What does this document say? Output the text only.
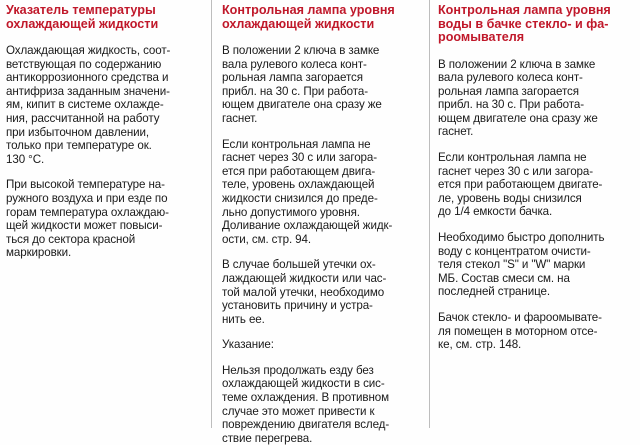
Указатель температуры
охлаждающей жидкости
Охлаждающая жидкость, соот-
ветствующая по содержанию
антикоррозионного средства и
антифриза заданным значени-
ям, кипит в системе охлажде-
ния, рассчитанной на работу
при избыточном давлении,
только при температуре ок.
130 °С.
При высокой температуре на-
ружного воздуха и при езде по
горам температура охлаждаю-
щей жидкости может повыси-
ться до сектора красной
маркировки.
Контрольная лампа уровня
охлаждающей жидкости
В положении 2 ключа в замке
вала рулевого колеса конт-
рольная лампа загорается
прибл. на 30 с. При работа-
ющем двигателе она сразу же
гаснет.
Если контрольная лампа не
гаснет через 30 с или загора-
ется при работающем двига-
теле, уровень охлаждающей
жидкости снизился до преде-
льно допустимого уровня.
Доливание охлаждающей жидк-
ости, см. стр. 94.
В случае большей утечки ох-
лаждающей жидкости или час-
той малой утечки, необходимо
установить причину и устра-
нить ее.
Указание:
Нельзя продолжать езду без
охлаждающей жидкости в сис-
теме охлаждения. В противном
случае это может привести к
повреждению двигателя вслед-
ствие перегрева.
Контрольная лампа уровня
воды в бачке стекло- и фа-
роомывателя
В положении 2 ключа в замке
вала рулевого колеса конт-
рольная лампа загорается
прибл. на 30 с. При работа-
ющем двигателе она сразу же
гаснет.
Если контрольная лампа не
гаснет через 30 с или загора-
ется при работающем двигате-
ле, уровень воды снизился
до 1/4 емкости бачка.
Необходимо быстро дополнить
воду с концентратом очисти-
теля стекол "S" и "W" марки
МБ. Состав смеси см. на
последней странице.
Бачок стекло- и фароомывате-
ля помещен в моторном отсе-
ке, см. стр. 148.
